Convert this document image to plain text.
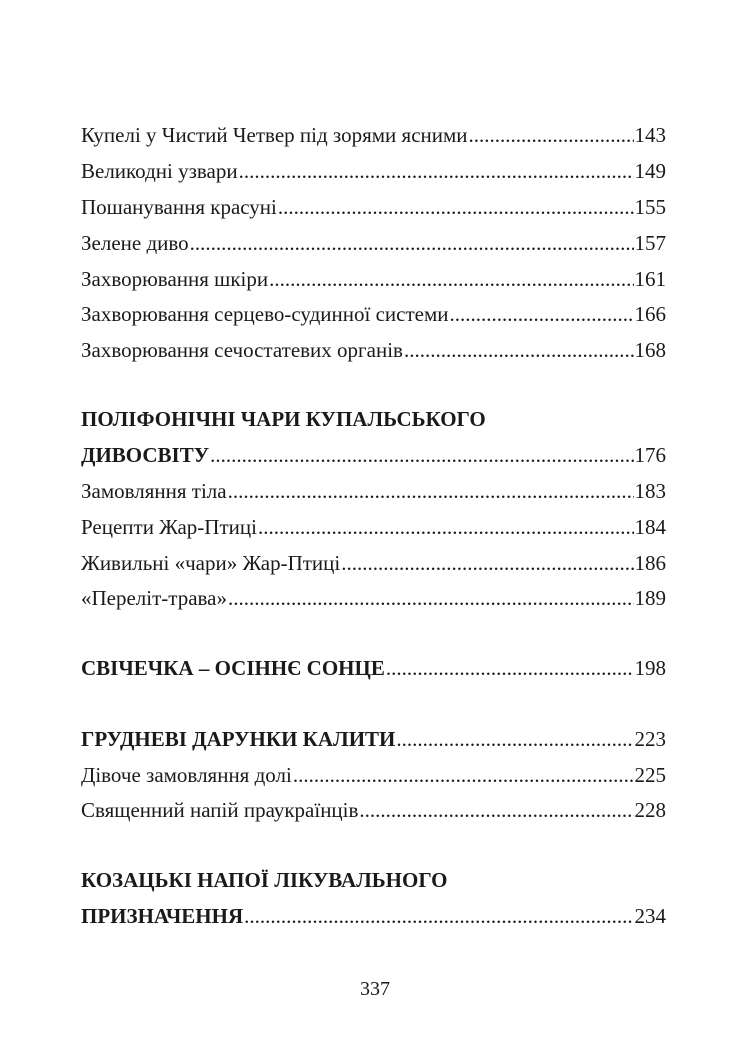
Купелі у Чистий Четвер під зорями ясними .....	143
Великодні узвари .....	149
Пошанування красуні .....	155
Зелене диво .....	157
Захворювання шкіри .....	161
Захворювання серцево-судинної системи .....	166
Захворювання сечостатевих органів .....	168
ПОЛІФОНІЧНІ ЧАРИ КУПАЛЬСЬКОГО
ДИВОСВІТУ .....	176
Замовляння тіла .....	183
Рецепти Жар-Птиці .....	184
Живильні «чари» Жар-Птиці .....	186
«Переліт-трава» .....	189
СВІЧЕЧКА – ОСІННЄ СОНЦЕ .....	198
ГРУДНЕВІ ДАРУНКИ КАЛИТИ .....	223
Дівоче замовляння долі .....	225
Священний напій праукраїнців .....	228
КОЗАЦЬКІ НАПОЇ ЛІКУВАЛЬНОГО
ПРИЗНАЧЕННЯ .....	234
337
